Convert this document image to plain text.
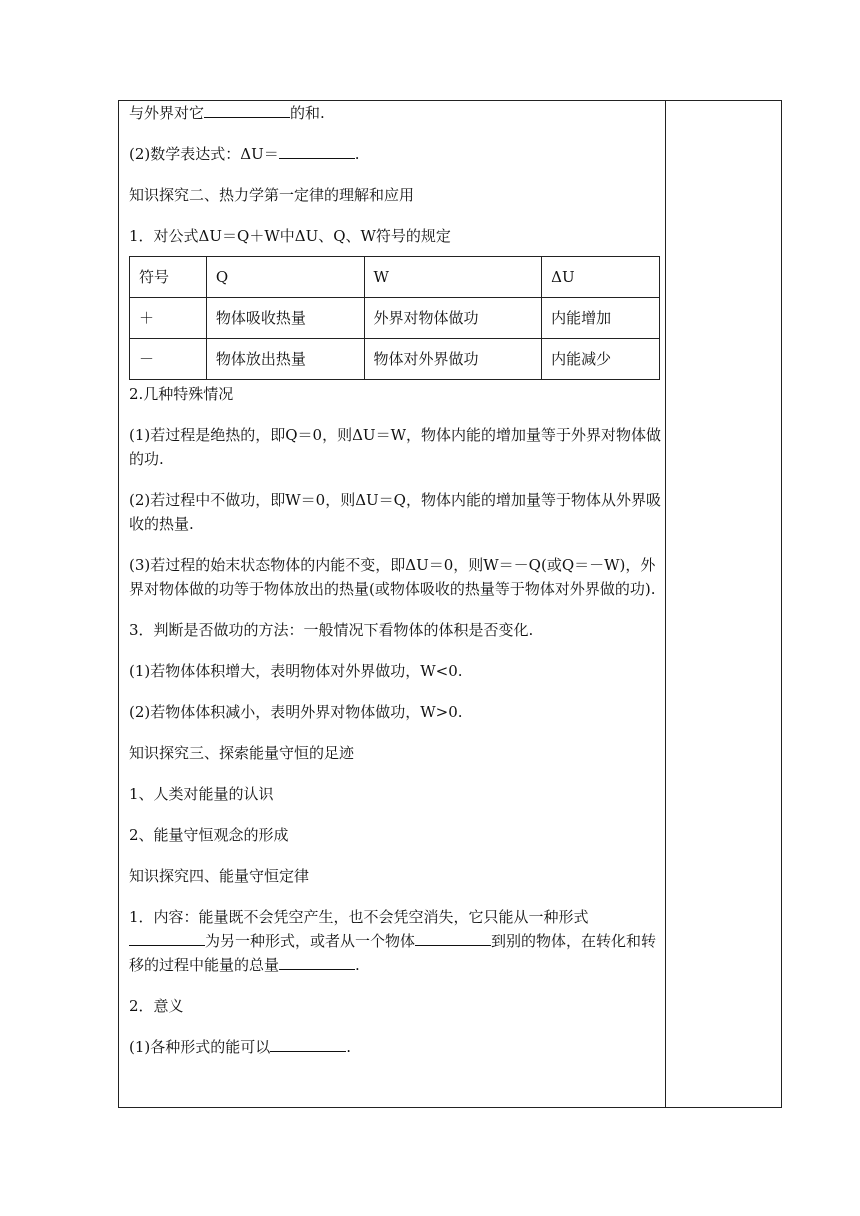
与外界对它	的和.

(2)数学表达式：ΔU＝	.

知识探究二、热力学第一定律的理解和应用

1．对公式ΔU＝Q＋W中ΔU、Q、W符号的规定

符号	Q	W	ΔU
＋	物体吸收热量	外界对物体做功	内能增加
－	物体放出热量	物体对外界做功	内能减少

2.几种特殊情况

(1)若过程是绝热的，即Q＝0，则ΔU＝W，物体内能的增加量等于外界对物体做的功.

(2)若过程中不做功，即W＝0，则ΔU＝Q，物体内能的增加量等于物体从外界吸收的热量.

(3)若过程的始末状态物体的内能不变，即ΔU＝0，则W＝－Q(或Q＝－W)，外界对物体做的功等于物体放出的热量(或物体吸收的热量等于物体对外界做的功).

3．判断是否做功的方法：一般情况下看物体的体积是否变化.

(1)若物体体积增大，表明物体对外界做功，W<0.

(2)若物体体积减小，表明外界对物体做功，W>0.

知识探究三、探索能量守恒的足迹

1、人类对能量的认识

2、能量守恒观念的形成

知识探究四、能量守恒定律

1．内容：能量既不会凭空产生，也不会凭空消失，它只能从一种形式为另一种形式，或者从一个物体	到别的物体，在转化和转移的过程中能量的总量	.

2．意义

(1)各种形式的能可以	.
